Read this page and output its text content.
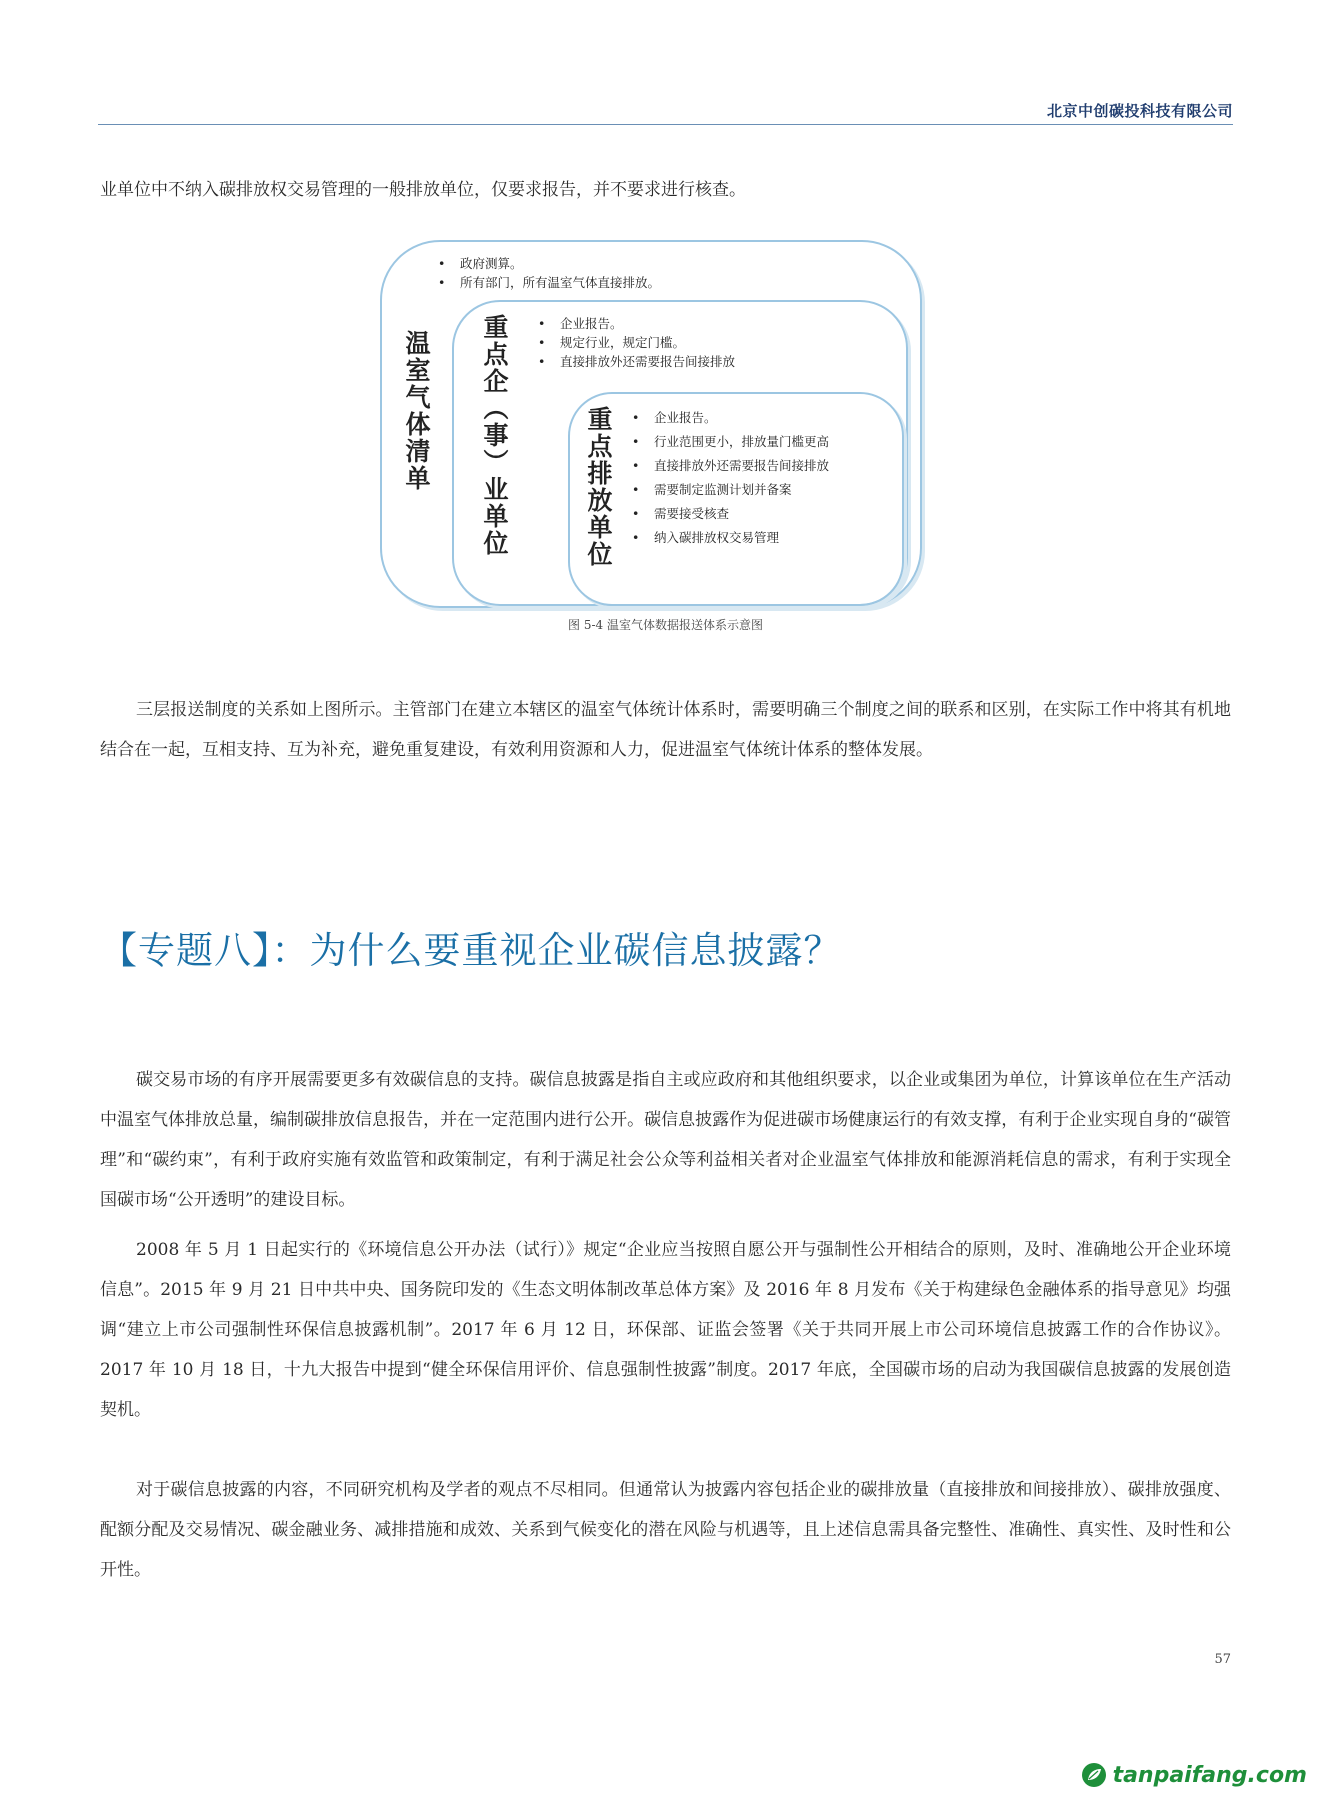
北京中创碳投科技有限公司

业单位中不纳入碳排放权交易管理的一般排放单位，仅要求报告，并不要求进行核查。

温室气体清单
• 政府测算。
• 所有部门，所有温室气体直接排放。
重点企（事）业单位	• 企业报告。
• 规定行业，规定门槛。
• 直接排放外还需要报告间接排放
重点排放单位	• 企业报告。
• 行业范围更小，排放量门槛更高
• 直接排放外还需要报告间接排放
• 需要制定监测计划并备案
• 需要接受核查
• 纳入碳排放权交易管理
图 5-4 温室气体数据报送体系示意图

三层报送制度的关系如上图所示。主管部门在建立本辖区的温室气体统计体系时，需要明确三个制度之间的联系和区别，在实际工作中将其有机地结合在一起，互相支持、互为补充，避免重复建设，有效利用资源和人力，促进温室气体统计体系的整体发展。

【专题八】：为什么要重视企业碳信息披露？

碳交易市场的有序开展需要更多有效碳信息的支持。碳信息披露是指自主或应政府和其他组织要求，以企业或集团为单位，计算该单位在生产活动中温室气体排放总量，编制碳排放信息报告，并在一定范围内进行公开。碳信息披露作为促进碳市场健康运行的有效支撑，有利于企业实现自身的“碳管理”和“碳约束”，有利于政府实施有效监管和政策制定，有利于满足社会公众等利益相关者对企业温室气体排放和能源消耗信息的需求，有利于实现全国碳市场“公开透明”的建设目标。

2008 年 5 月 1 日起实行的《环境信息公开办法（试行）》规定“企业应当按照自愿公开与强制性公开相结合的原则，及时、准确地公开企业环境信息”。2015 年 9 月 21 日中共中央、国务院印发的《生态文明体制改革总体方案》及 2016 年 8 月发布《关于构建绿色金融体系的指导意见》均强调“建立上市公司强制性环保信息披露机制”。2017 年 6 月 12 日，环保部、证监会签署《关于共同开展上市公司环境信息披露工作的合作协议》。2017 年 10 月 18 日，十九大报告中提到“健全环保信用评价、信息强制性披露”制度。2017 年底，全国碳市场的启动为我国碳信息披露的发展创造契机。

对于碳信息披露的内容，不同研究机构及学者的观点不尽相同。但通常认为披露内容包括企业的碳排放量（直接排放和间接排放）、碳排放强度、配额分配及交易情况、碳金融业务、减排措施和成效、关系到气候变化的潜在风险与机遇等，且上述信息需具备完整性、准确性、真实性、及时性和公开性。

57
tanpaifang.com
